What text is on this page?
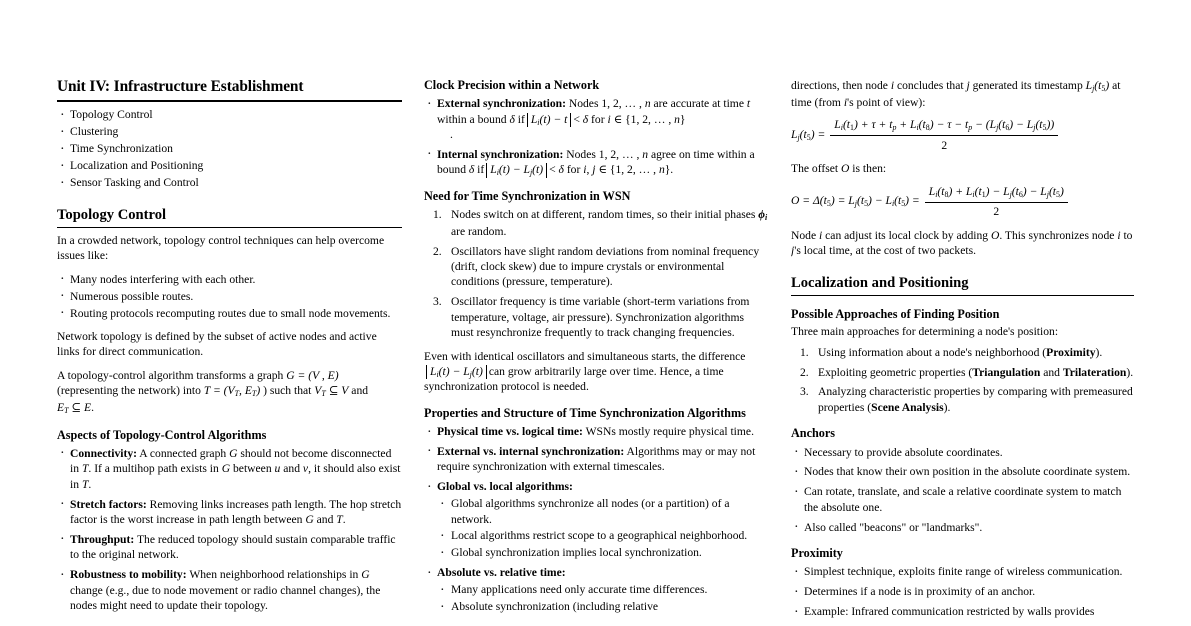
Unit IV: Infrastructure Establishment
· Topology Control
· Clustering
· Time Synchronization
· Localization and Positioning
· Sensor Tasking and Control
Topology Control

In a crowded network, topology control techniques can help overcome issues like:

· Many nodes interfering with each other.
· Numerous possible routes.
· Routing protocols recomputing routes due to small node movements.

Network topology is defined by the subset of active nodes and active links for direct communication.

A topology-control algorithm transforms a graph G = (V , E) (representing the network) into $T = (V_T$, $E_T$) ) such that $V_T$ ⊆ V and $E_T$ ⊆ E.

Aspects of Topology-Control Algorithms
· Connectivity: A connected graph G should not become disconnected in T. If a multihop path exists in G between u and v, it should also exist in T.
· Stretch factors: Removing links increases path length. The hop stretch factor is the worst increase in path length between G and T.
· Throughput: The reduced topology should sustain comparable traffic to the original network.
· Robustness to mobility: When neighborhood relationships in G change (e.g., due to node movement or radio channel changes), the nodes might need to update their topology.
Clock Precision within a Network
· External synchronization: Nodes 1, 2, … , n are accurate at time t within a bound δ if $L_i(t) - t < \delta$ for i ∈ {1, 2, … , n}
.
· Internal synchronization: Nodes 1, 2, … , n agree on time within a bound δ if $L_i(t) - L_j(t) < \delta$ for i, j ∈ {1, 2, … , n}.
Need for Time Synchronization in WSN
Nodes switch on at different, random times, so their initial phases $\phi_i$ are random.
Oscillators have slight random deviations from nominal frequency (drift, clock skew) due to impure crystals or environmental conditions (pressure, temperature).
Oscillator frequency is time variable (short-term variations from temperature, voltage, air pressure). Synchronization algorithms must resynchronize frequently to track changing frequencies.

Even with identical oscillators and simultaneous starts, the differenceL$_i$(t) − $L_j(t)$ can grow arbitrarily large over time. Hence, a time synchronization protocol is needed.

Properties and Structure of Time Synchronization Algorithms
· Physical time vs. logical time: WSNs mostly require physical time.
· External vs. internal synchronization: Algorithms may or may not require synchronization with external timescales.
· Global vs. local algorithms:
· Global algorithms synchronize all nodes (or a partition) of a network.
· Local algorithms restrict scope to a geographical neighborhood.
· Global synchronization implies local synchronization.
· Absolute vs. relative time:
· Many applications need only accurate time differences.
· Absolute synchronization (including relative

directions, then node i concludes that j generated its timestamp $L_j(t_5)$ at time (from i's point of view):

$L_j(t_5) = \frac{L_i(t_1) + \tau + t_p + L_i(t_8) - \tau - t_p - (L_j(t_6) - L_j(t_5))}{2}$

The offset O is then:

$O = \Delta(t_5) = L_j(t_5) - L_i(t_5) = \frac{L_i(t_8) + L_i(t_1) - L_j(t_6) - L_j(t_5)}{2}$

Node i can adjust its local clock by adding O. This synchronizes node i to j's local time, at the cost of two packets.

Localization and Positioning
Possible Approaches of Finding Position

Three main approaches for determining a node's position:

Using information about a node's neighborhood (Proximity).
Exploiting geometric properties (Triangulation and Trilateration).
Analyzing characteristic properties by comparing with premeasured properties (Scene Analysis).
Anchors
· Necessary to provide absolute coordinates.
· Nodes that know their own position in the absolute coordinate system.
· Can rotate, translate, and scale a relative coordinate system to match the absolute one.
· Also called "beacons" or "landmarks".
Proximity
· Simplest technique, exploits finite range of wireless communication.
· Determines if a node is in proximity of an anchor.
· Example: Infrared communication restricted by walls provides
